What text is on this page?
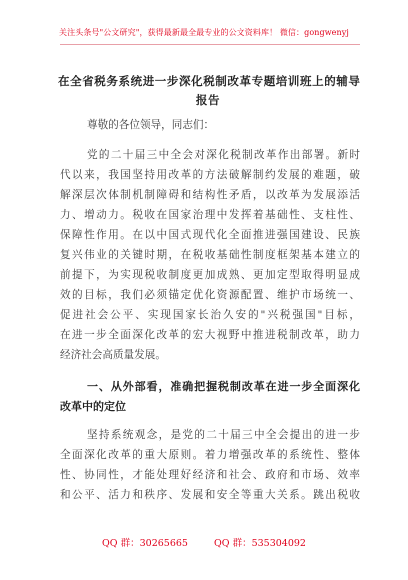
关注头条号"公文研究"，获得最新最全最专业的公文资料库！ 微信：gongwenyj
在全省税务系统进一步深化税制改革专题培训班上的辅导
报告
尊敬的各位领导，同志们：
党的二十届三中全会对深化税制改革作出部署。新时
代以来，我国坚持用改革的方法破解制约发展的难题，破
解深层次体制机制障碍和结构性矛盾，以改革为发展添活
力、增动力。税收在国家治理中发挥着基础性、支柱性、
保障性作用。在以中国式现代化全面推进强国建设、民族
复兴伟业的关键时期，在税收基础性制度框架基本建立的
前提下，为实现税收制度更加成熟、更加定型取得明显成
效的目标，我们必须锚定优化资源配置、维护市场统一、
促进社会公平、实现国家长治久安的"兴税强国"目标，
在进一步全面深化改革的宏大视野中推进税制改革，助力
经济社会高质量发展。
一、从外部看，准确把握税制改革在进一步全面深化
改革中的定位
坚持系统观念，是党的二十届三中全会提出的进一步
全面深化改革的重大原则。着力增强改革的系统性、整体
性、协同性，才能处理好经济和社会、政府和市场、效率
和公平、活力和秩序、发展和安全等重大关系。跳出税收
QQ 群：30265665	QQ 群：535304092
